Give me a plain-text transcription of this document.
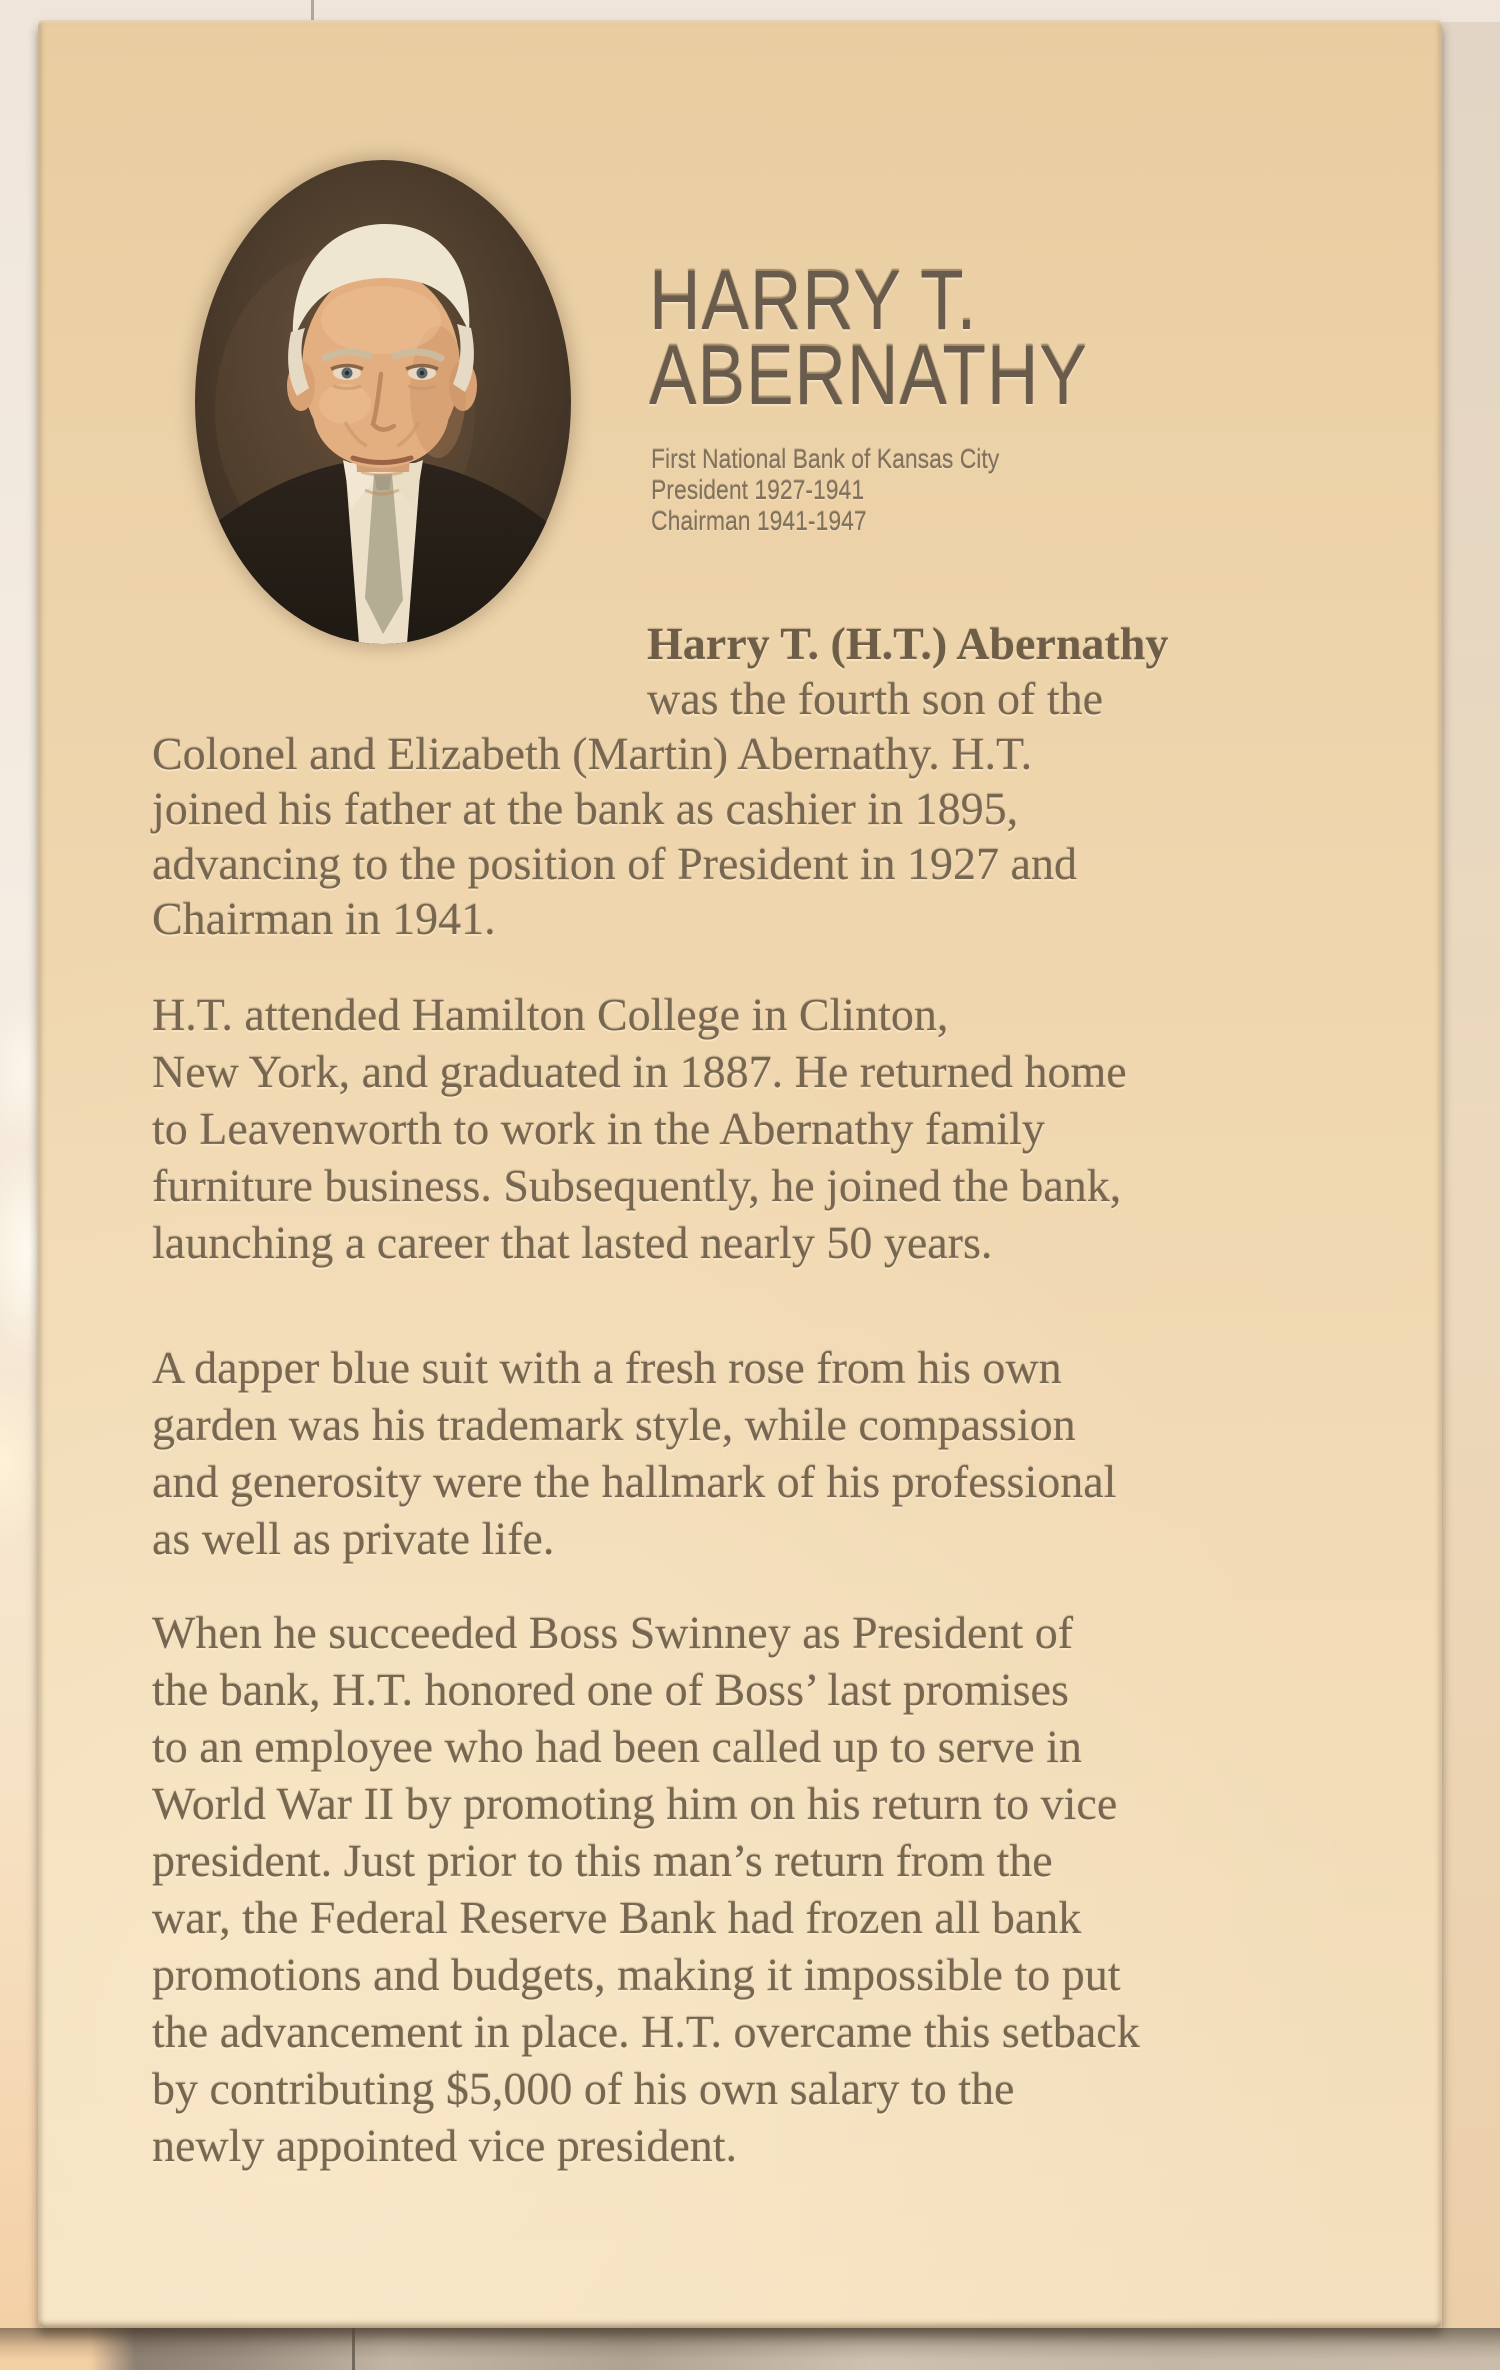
HARRY T.
ABERNATHY
First National Bank of Kansas City
President 1927-1941
Chairman 1941-1947
Harry T. (H.T.) Abernathy
was the fourth son of the
Colonel and Elizabeth (Martin) Abernathy. H.T.
joined his father at the bank as cashier in 1895,
advancing to the position of President in 1927 and
Chairman in 1941.
H.T. attended Hamilton College in Clinton,
New York, and graduated in 1887. He returned home
to Leavenworth to work in the Abernathy family
furniture business. Subsequently, he joined the bank,
launching a career that lasted nearly 50 years.
A dapper blue suit with a fresh rose from his own
garden was his trademark style, while compassion
and generosity were the hallmark of his professional
as well as private life.
When he succeeded Boss Swinney as President of
the bank, H.T. honored one of Boss’ last promises
to an employee who had been called up to serve in
World War II by promoting him on his return to vice
president. Just prior to this man’s return from the
war, the Federal Reserve Bank had frozen all bank
promotions and budgets, making it impossible to put
the advancement in place. H.T. overcame this setback
by contributing $5,000 of his own salary to the
newly appointed vice president.
